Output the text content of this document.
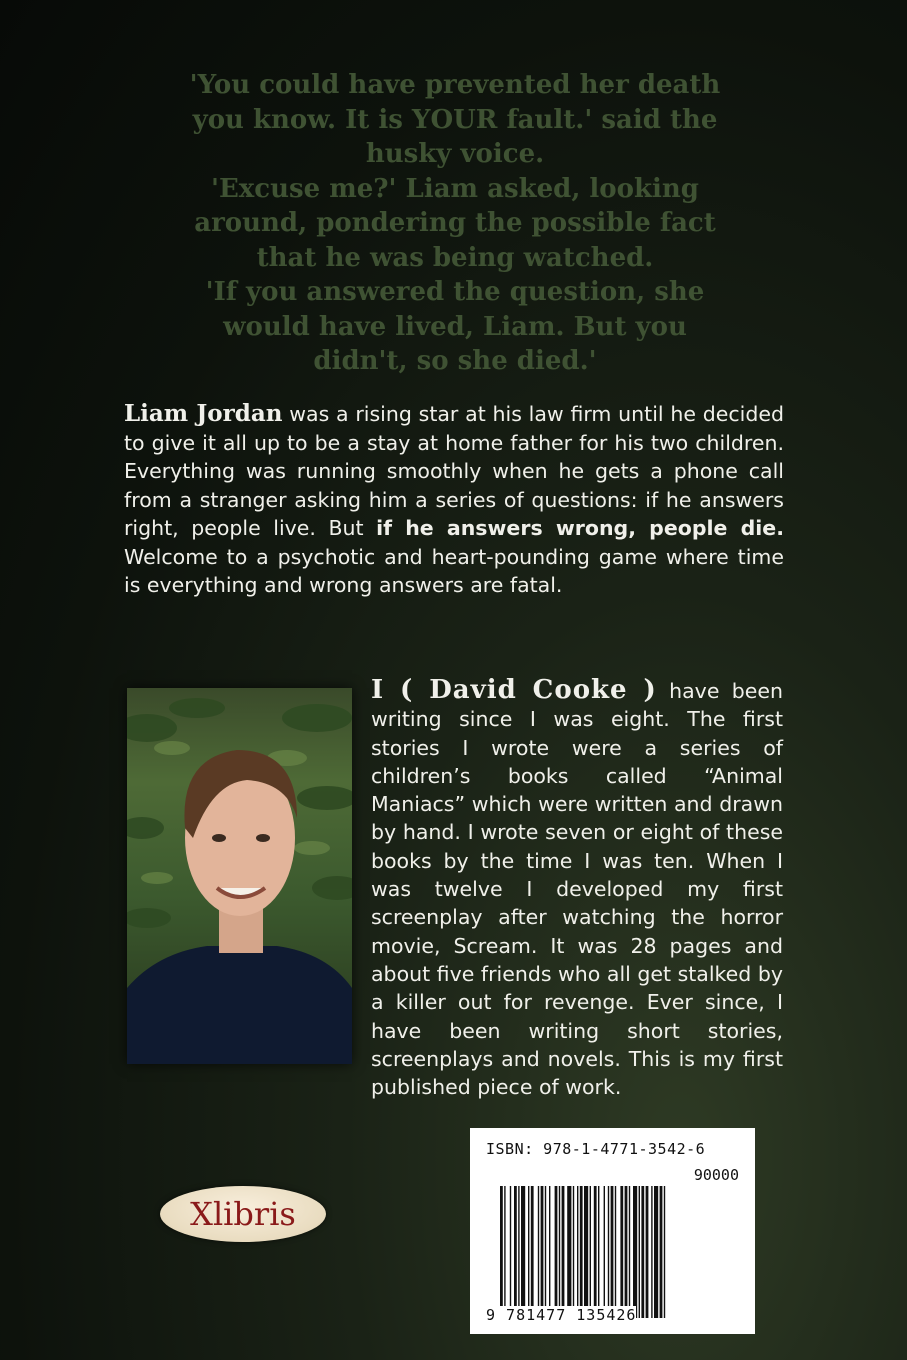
'You could have prevented her death
you know. It is YOUR fault.' said the
husky voice.
'Excuse me?' Liam asked, looking
around, pondering the possible fact
that he was being watched.
'If you answered the question, she
would have lived, Liam. But you
didn't, so she died.'
Liam Jordan was a rising star at his law firm until he decided to give it all up to be a stay at home father for his two children. Everything was running smoothly when he gets a phone call from a stranger asking him a series of questions: if he answers right, people live. But if he answers wrong, people die. Welcome to a psychotic and heart-pounding game where time is everything and wrong answers are fatal.
I ( David Cooke ) have been writing since I was eight. The first stories I wrote were a series of children’s books called “Animal Maniacs” which were written and drawn by hand. I wrote seven or eight of these books by the time I was ten. When I was twelve I developed my first screenplay after watching the horror movie, Scream. It was 28 pages and about five friends who all get stalked by a killer out for revenge. Ever since, I have been writing short stories, screenplays and novels. This is my first published piece of work.
Xlibris
ISBN: 978-1-4771-3542-6
90000
9 781477 135426
